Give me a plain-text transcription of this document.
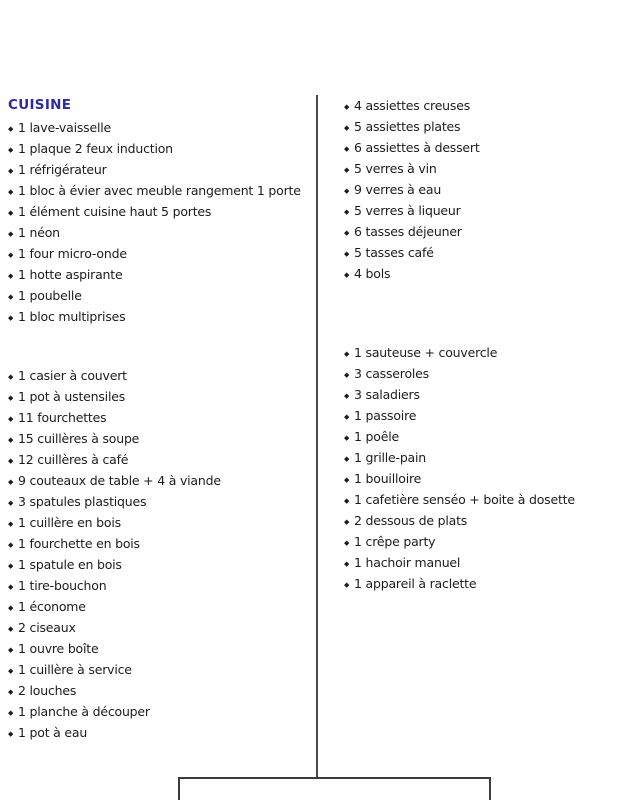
CUISINE
◆ 1 lave-vaisselle
◆ 1 plaque 2 feux induction
◆ 1 réfrigérateur
◆ 1 bloc à évier avec meuble rangement 1 porte
◆ 1 élément cuisine haut 5 portes
◆ 1 néon
◆ 1 four micro-onde
◆ 1 hotte aspirante
◆ 1 poubelle
◆ 1 bloc multiprises
◆ 1 casier à couvert
◆ 1 pot à ustensiles
◆ 11 fourchettes
◆ 15 cuillères à soupe
◆ 12 cuillères à café
◆ 9 couteaux de table + 4 à viande
◆ 3 spatules plastiques
◆ 1 cuillère en bois
◆ 1 fourchette en bois
◆ 1 spatule en bois
◆ 1 tire-bouchon
◆ 1 économe
◆ 2 ciseaux
◆ 1 ouvre boîte
◆ 1 cuillère à service
◆ 2 louches
◆ 1 planche à découper
◆ 1 pot à eau
◆ 4 assiettes creuses
◆ 5 assiettes plates
◆ 6 assiettes à dessert
◆ 5 verres à vin
◆ 9 verres à eau
◆ 5 verres à liqueur
◆ 6 tasses déjeuner
◆ 5 tasses café
◆ 4 bols
◆ 1 sauteuse + couvercle
◆ 3 casseroles
◆ 3 saladiers
◆ 1 passoire
◆ 1 poêle
◆ 1 grille-pain
◆ 1 bouilloire
◆ 1 cafetière senséo + boite à dosette
◆ 2 dessous de plats
◆ 1 crêpe party
◆ 1 hachoir manuel
◆ 1 appareil à raclette
